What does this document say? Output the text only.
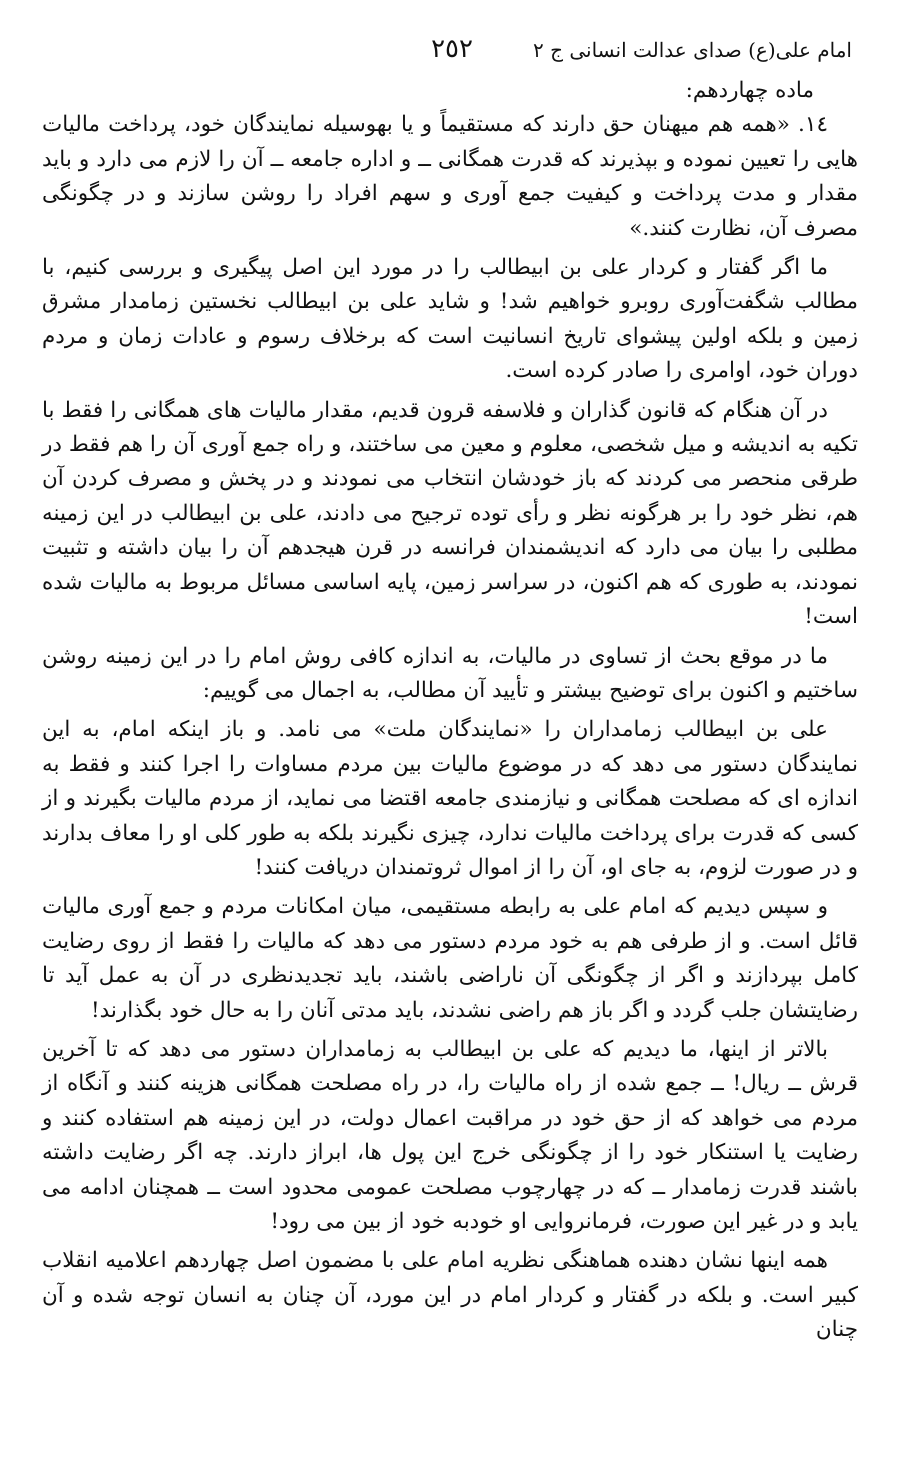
امام علی(ع) صدای عدالت انسانی ج ٢
٢٥٢

ماده چهاردهم:

١٤. «همه هم میهنان حق دارند که مستقیماً و یا بهوسیله نمایندگان خود، پرداخت مالیات هایی را تعیین نموده و بپذیرند که قدرت همگانی ــ و اداره جامعه ــ آن را لازم می دارد و باید مقدار و مدت پرداخت و کیفیت جمع آوری و سهم افراد را روشن سازند و در چگونگی مصرف آن، نظارت کنند.»

ما اگر گفتار و کردار علی بن ابیطالب را در مورد این اصل پیگیری و بررسی کنیم، با مطالب شگفت‌آوری روبرو خواهیم شد! و شاید علی بن ابیطالب نخستین زمامدار مشرق زمین و بلکه اولین پیشوای تاریخ انسانیت است که برخلاف رسوم و عادات زمان و مردم دوران خود، اوامری را صادر کرده است.

در آن هنگام که قانون گذاران و فلاسفه قرون قدیم، مقدار مالیات های همگانی را فقط با تکیه به اندیشه و میل شخصی، معلوم و معین می ساختند، و راه جمع آوری آن را هم فقط در طرقی منحصر می کردند که باز خودشان انتخاب می نمودند و در پخش و مصرف کردن آن هم، نظر خود را بر هرگونه نظر و رأی توده ترجیح می دادند، علی بن ابیطالب در این زمینه مطلبی را بیان می دارد که اندیشمندان فرانسه در قرن هیجدهم آن را بیان داشته و تثبیت نمودند، به طوری که هم اکنون، در سراسر زمین، پایه اساسی مسائل مربوط به مالیات شده است!

ما در موقع بحث از تساوی در مالیات، به اندازه کافی روش امام را در این زمینه روشن ساختیم و اکنون برای توضیح بیشتر و تأیید آن مطالب، به اجمال می گوییم:

علی بن ابیطالب زمامداران را «نمایندگان ملت» می نامد. و باز اینکه امام، به این نمایندگان دستور می دهد که در موضوع مالیات بین مردم مساوات را اجرا کنند و فقط به اندازه ای که مصلحت همگانی و نیازمندی جامعه اقتضا می نماید، از مردم مالیات بگیرند و از کسی که قدرت برای پرداخت مالیات ندارد، چیزی نگیرند بلکه به طور کلی او را معاف بدارند و در صورت لزوم، به جای او، آن را از اموال ثروتمندان دریافت کنند!

و سپس دیدیم که امام علی به رابطه مستقیمی، میان امکانات مردم و جمع آوری مالیات قائل است. و از طرفی هم به خود مردم دستور می دهد که مالیات را فقط از روی رضایت کامل بپردازند و اگر از چگونگی آن ناراضی باشند، باید تجدیدنظری در آن به عمل آید تا رضایتشان جلب گردد و اگر باز هم راضی نشدند، باید مدتی آنان را به حال خود بگذارند!

بالاتر از اینها، ما دیدیم که علی بن ابیطالب به زمامداران دستور می دهد که تا آخرین قرش ــ ریال! ــ جمع شده از راه مالیات را، در راه مصلحت همگانی هزینه کنند و آنگاه از مردم می خواهد که از حق خود در مراقبت اعمال دولت، در این زمینه هم استفاده کنند و رضایت یا استنکار خود را از چگونگی خرج این پول ها، ابراز دارند. چه اگر رضایت داشته باشند قدرت زمامدار ــ که در چهارچوب مصلحت عمومی محدود است ــ همچنان ادامه می یابد و در غیر این صورت، فرمانروایی او خودبه خود از بین می رود!

همه اینها نشان دهنده هماهنگی نظریه امام علی با مضمون اصل چهاردهم اعلامیه انقلاب کبیر است. و بلکه در گفتار و کردار امام در این مورد، آن چنان به انسان توجه شده و آن چنان
